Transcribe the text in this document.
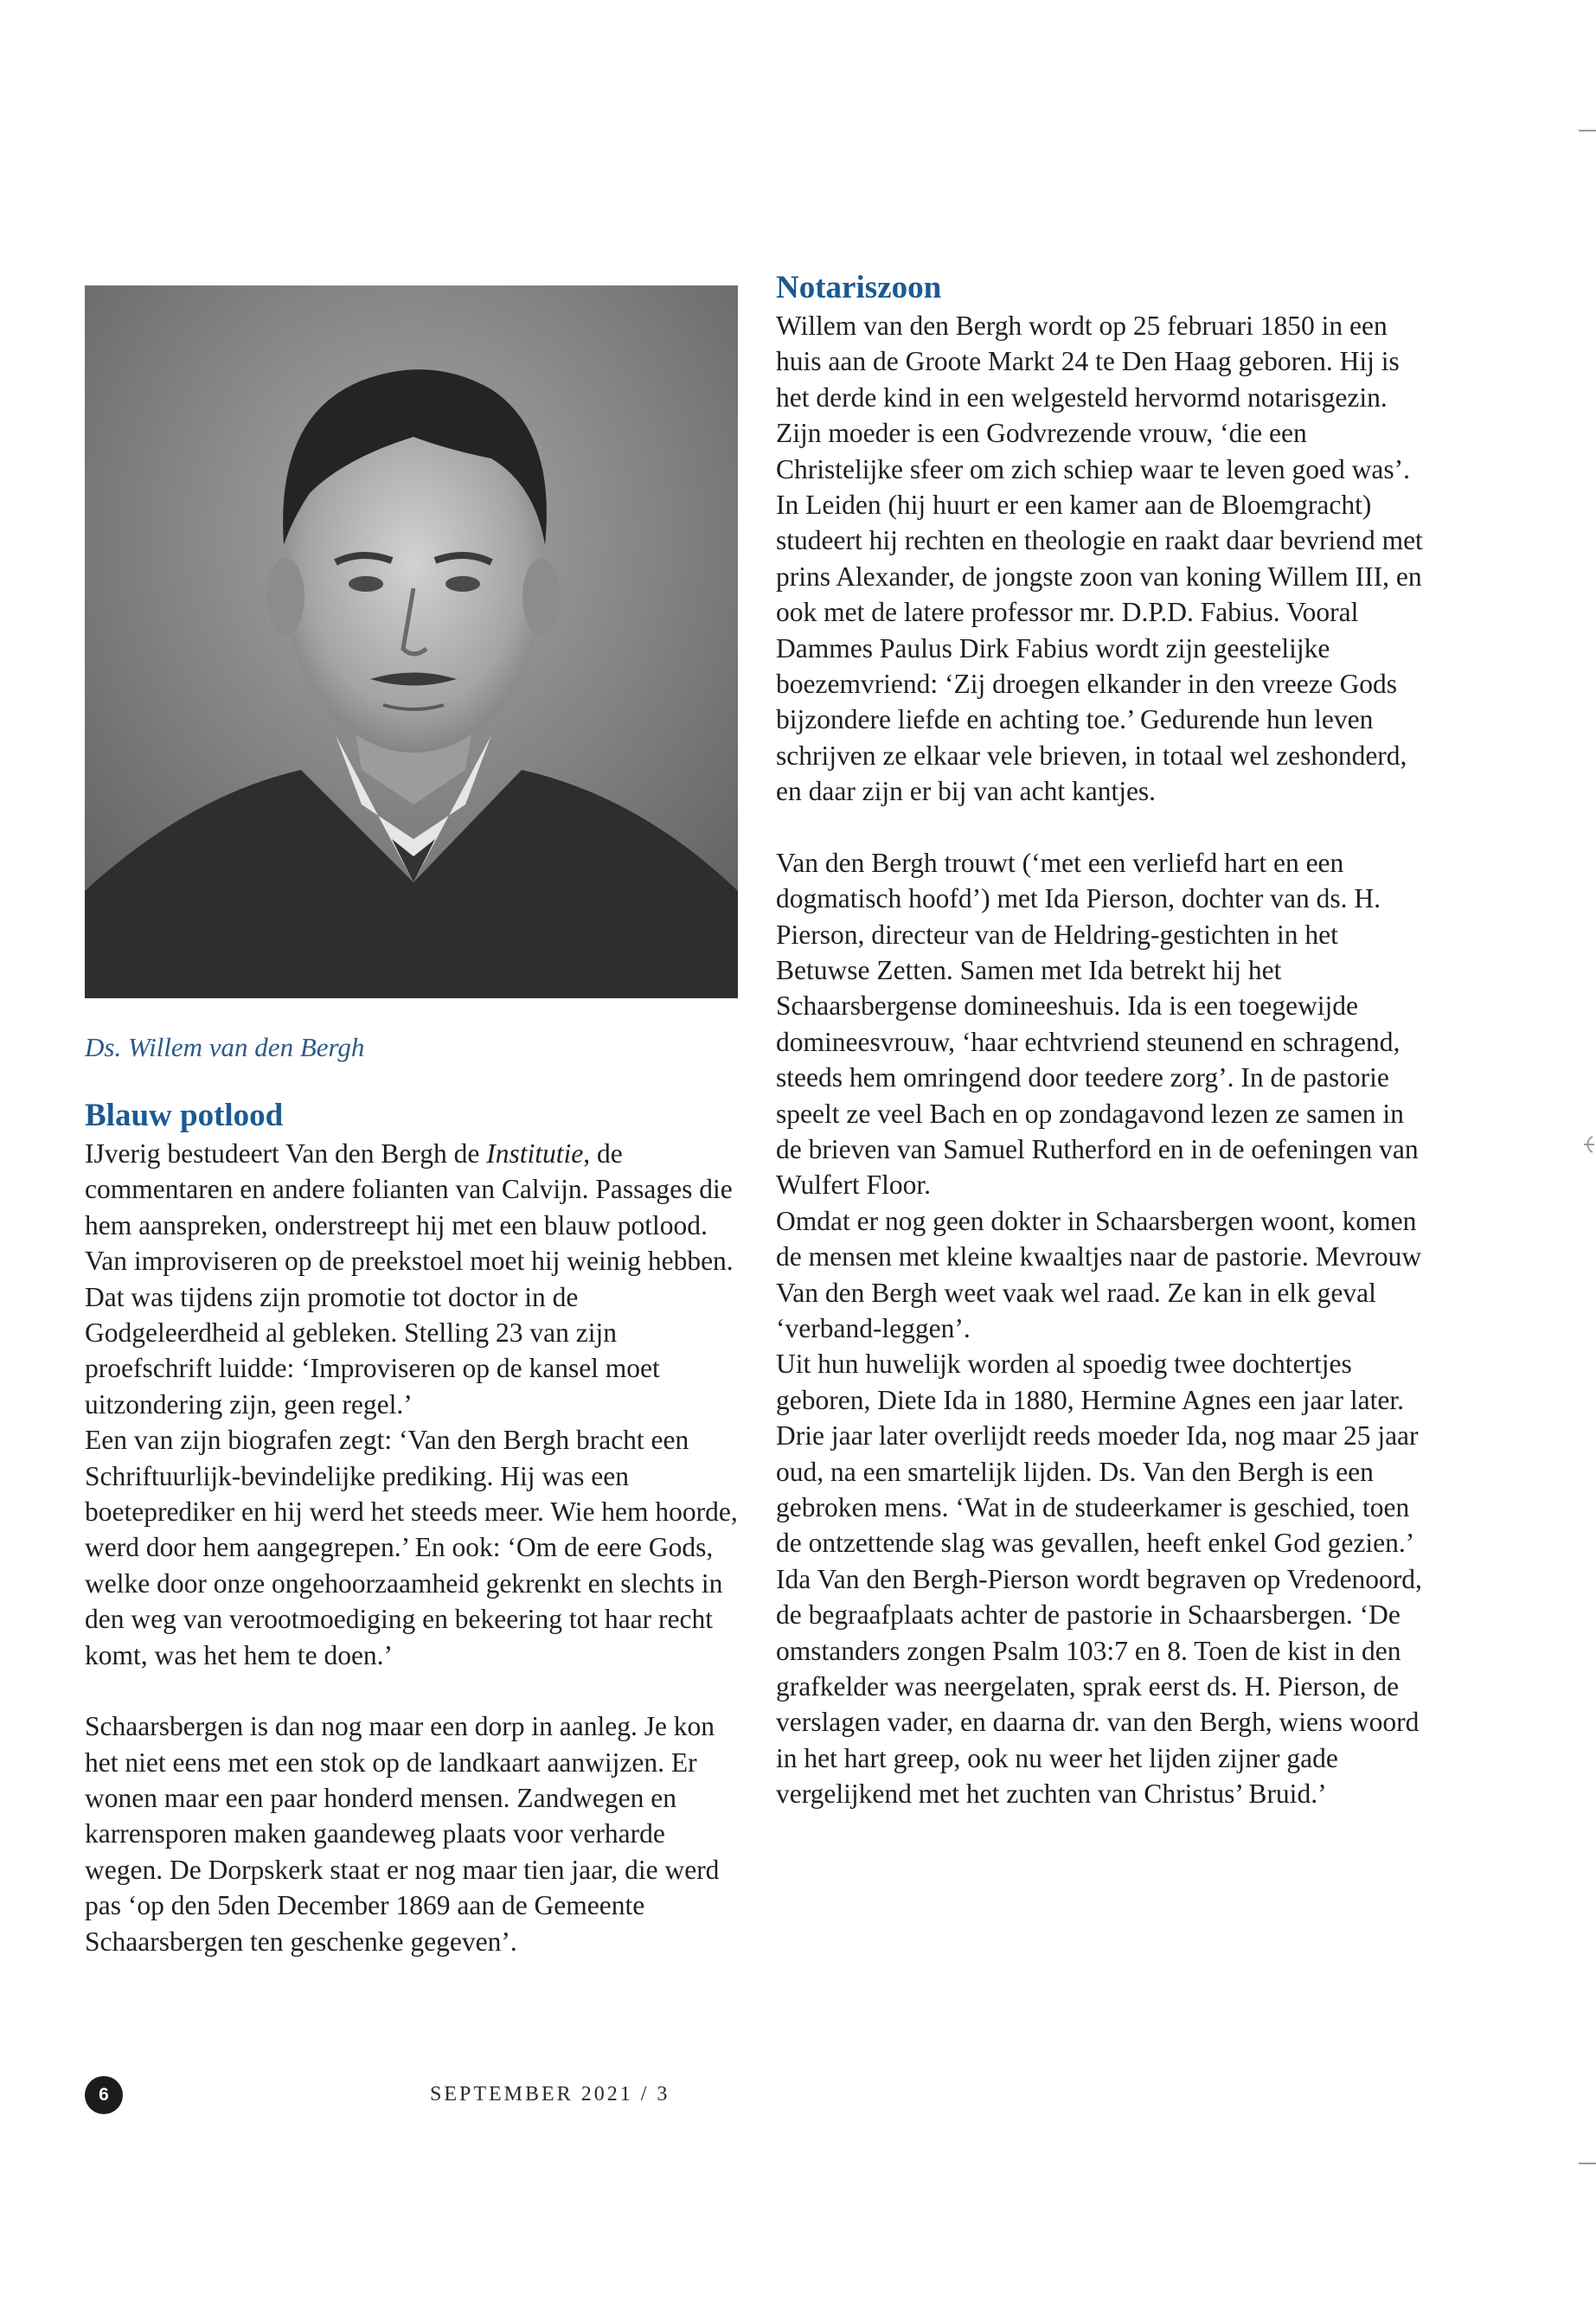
Ds. Willem van den Bergh
Blauw potlood

IJverig bestudeert Van den Bergh de Institutie, de commentaren en andere folianten van Calvijn. Passages die hem aanspreken, onderstreept hij met een blauw potlood. Van improviseren op de preekstoel moet hij weinig hebben. Dat was tijdens zijn promotie tot doctor in de Godgeleerdheid al gebleken. Stelling 23 van zijn proefschrift luidde: ‘Improviseren op de kansel moet uitzondering zijn, geen regel.’

Een van zijn biografen zegt: ‘Van den Bergh bracht een Schriftuurlijk-bevindelijke prediking. Hij was een boeteprediker en hij werd het steeds meer. Wie hem hoorde, werd door hem aangegrepen.’ En ook: ‘Om de eere Gods, welke door onze ongehoorzaamheid gekrenkt en slechts in den weg van verootmoediging en bekeering tot haar recht komt, was het hem te doen.’

Schaarsbergen is dan nog maar een dorp in aanleg. Je kon het niet eens met een stok op de landkaart aanwijzen. Er wonen maar een paar honderd mensen. Zandwegen en karrensporen maken gaandeweg plaats voor verharde wegen. De Dorpskerk staat er nog maar tien jaar, die werd pas ‘op den 5den December 1869 aan de Gemeente Schaarsbergen ten geschenke gegeven’.

Notariszoon

Willem van den Bergh wordt op 25 februari 1850 in een huis aan de Groote Markt 24 te Den Haag geboren. Hij is het derde kind in een welgesteld hervormd notarisgezin. Zijn moeder is een Godvrezende vrouw, ‘die een Christelijke sfeer om zich schiep waar te leven goed was’. In Leiden (hij huurt er een kamer aan de Bloemgracht) studeert hij rechten en theologie en raakt daar bevriend met prins Alexander, de jongste zoon van koning Willem III, en ook met de latere professor mr. D.P.D. Fabius. Vooral Dammes Paulus Dirk Fabius wordt zijn geestelijke boezemvriend: ‘Zij droegen elkander in den vreeze Gods bijzondere liefde en achting toe.’ Gedurende hun leven schrijven ze elkaar vele brieven, in totaal wel zeshonderd, en daar zijn er bij van acht kantjes.

Van den Bergh trouwt (‘met een verliefd hart en een dogmatisch hoofd’) met Ida Pierson, dochter van ds. H. Pierson, directeur van de Heldring-gestichten in het Betuwse Zetten. Samen met Ida betrekt hij het Schaarsbergense domineeshuis. Ida is een toegewijde domineesvrouw, ‘haar echtvriend steunend en schragend, steeds hem omringend door teedere zorg’. In de pastorie speelt ze veel Bach en op zondagavond lezen ze samen in de brieven van Samuel Rutherford en in de oefeningen van Wulfert Floor.

Omdat er nog geen dokter in Schaarsbergen woont, komen de mensen met kleine kwaaltjes naar de pastorie. Mevrouw Van den Bergh weet vaak wel raad. Ze kan in elk geval ‘verband-leggen’.

Uit hun huwelijk worden al spoedig twee dochtertjes geboren, Diete Ida in 1880, Hermine Agnes een jaar later. Drie jaar later overlijdt reeds moeder Ida, nog maar 25 jaar oud, na een smartelijk lijden. Ds. Van den Bergh is een gebroken mens. ‘Wat in de studeerkamer is geschied, toen de ontzettende slag was gevallen, heeft enkel God gezien.’

Ida Van den Bergh-Pierson wordt begraven op Vredenoord, de begraafplaats achter de pastorie in Schaarsbergen. ‘De omstanders zongen Psalm 103:7 en 8. Toen de kist in den grafkelder was neergelaten, sprak eerst ds. H. Pierson, de verslagen vader, en daarna dr. van den Bergh, wiens woord in het hart greep, ook nu weer het lijden zijner gade vergelijkend met het zuchten van Christus’ Bruid.’

6	SEPTEMBER 2021 / 3
